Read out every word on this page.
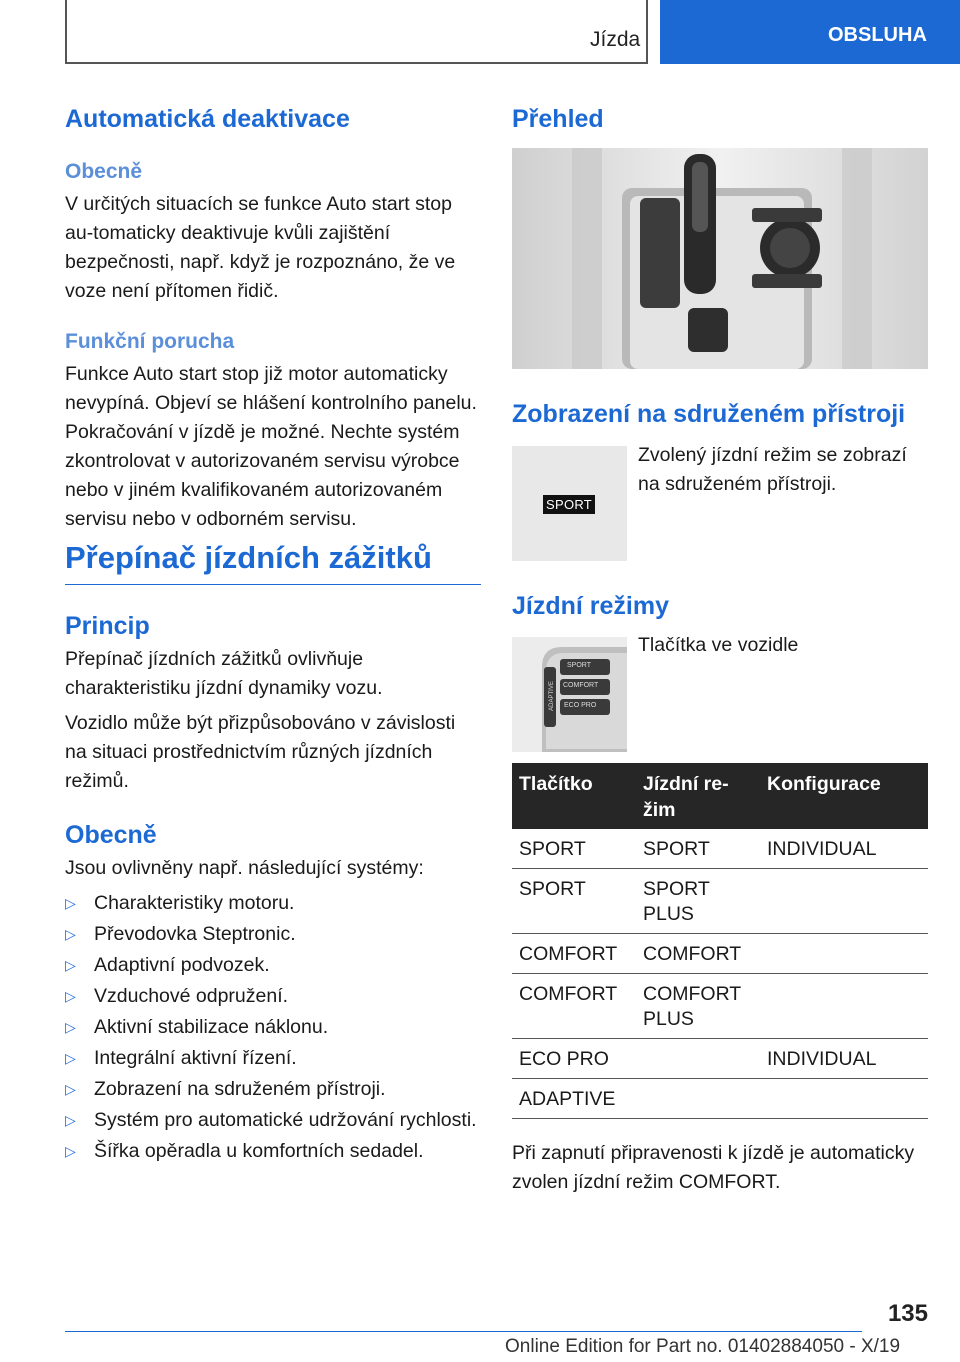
Jízda	OBSLUHA
Automatická deaktivace
Obecně

V určitých situacích se funkce Auto start stop au-tomaticky deaktivuje kvůli zajištění bezpečnosti, např. když je rozpoznáno, že ve voze není přítomen řidič.

Funkční porucha

Funkce Auto start stop již motor automaticky nevypíná. Objeví se hlášení kontrolního panelu. Pokračování v jízdě je možné. Nechte systém zkontrolovat v autorizovaném servisu výrobce nebo v jiném kvalifikovaném autorizovaném servisu nebo v odborném servisu.

Přepínač jízdních zážitků
Princip

Přepínač jízdních zážitků ovlivňuje charakteristiku jízdní dynamiky vozu.

Vozidlo může být přizpůsobováno v závislosti na situaci prostřednictvím různých jízdních režimů.

Obecně

Jsou ovlivněny např. následující systémy:

▷ Charakteristiky motoru.
▷ Převodovka Steptronic.
▷ Adaptivní podvozek.
▷ Vzduchové odpružení.
▷ Aktivní stabilizace náklonu.
▷ Integrální aktivní řízení.
▷ Zobrazení na sdruženém přístroji.
▷ Systém pro automatické udržování rychlosti.
▷ Šířka opěradla u komfortních sedadel.
Přehled
Zobrazení na sdruženém přístroji
SPORT

Zvolený jízdní režim se zobrazí na sdruženém přístroji.

Jízdní režimy
SPORT
COMFORT
ECO PRO
ADAPTIVE

Tlačítka ve vozidle

Tlačítko	Jízdní re-žim	Konfigurace
SPORT	SPORT	INDIVIDUAL
SPORT	SPORT PLUS	
COMFORT	COMFORT	
COMFORT	COMFORT PLUS	
ECO PRO		INDIVIDUAL
ADAPTIVE		

Při zapnutí připravenosti k jízdě je automaticky zvolen jízdní režim COMFORT.

135
Online Edition for Part no. 01402884050 - X/19
